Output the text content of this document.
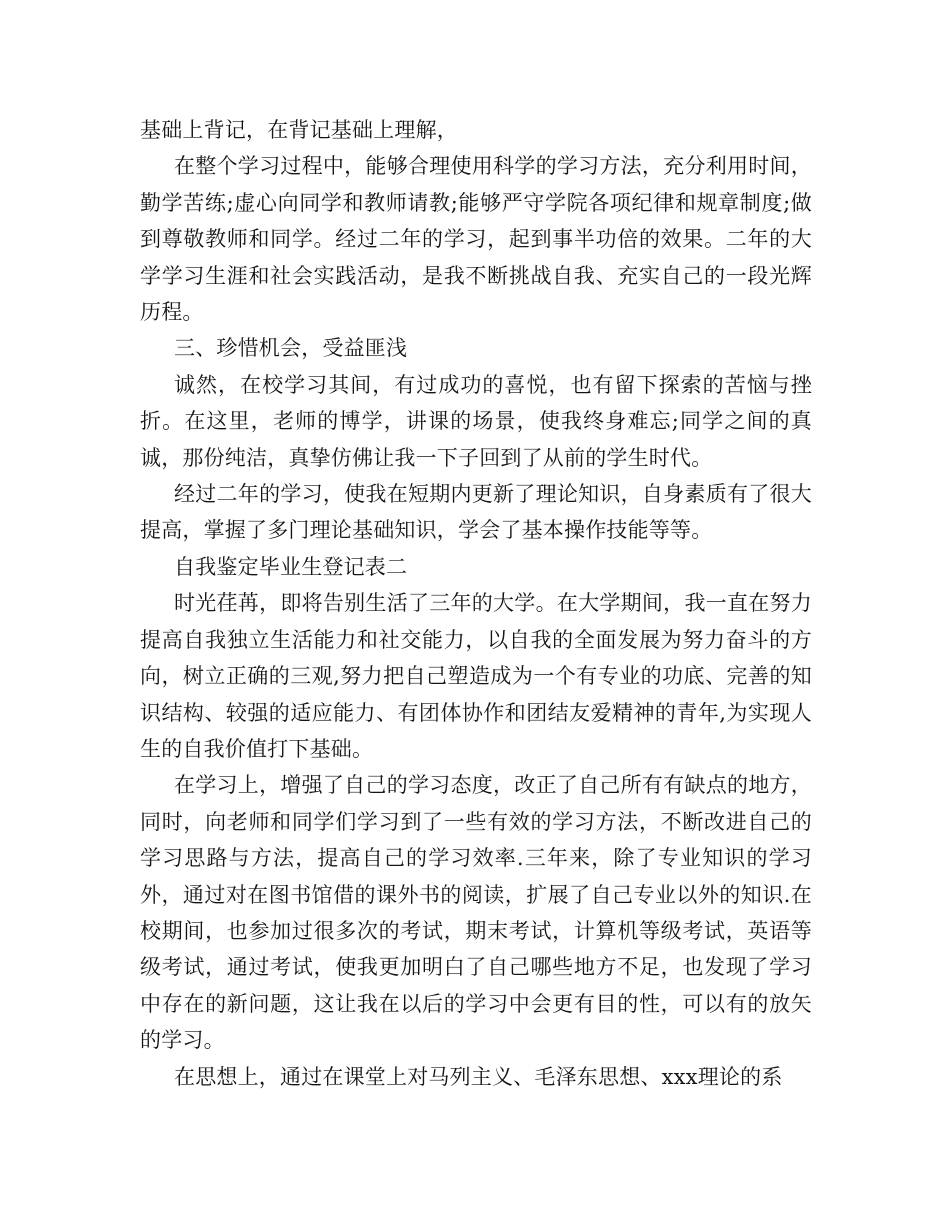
基础上背记，在背记基础上理解，

在整个学习过程中，能够合理使用科学的学习方法，充分利用时间，勤学苦练;虚心向同学和教师请教;能够严守学院各项纪律和规章制度;做到尊敬教师和同学。经过二年的学习，起到事半功倍的效果。二年的大学学习生涯和社会实践活动，是我不断挑战自我、充实自己的一段光辉历程。

三、珍惜机会，受益匪浅

诚然，在校学习其间，有过成功的喜悦，也有留下探索的苦恼与挫折。在这里，老师的博学，讲课的场景，使我终身难忘;同学之间的真诚，那份纯洁，真挚仿佛让我一下子回到了从前的学生时代。

经过二年的学习，使我在短期内更新了理论知识，自身素质有了很大提高，掌握了多门理论基础知识，学会了基本操作技能等等。

自我鉴定毕业生登记表二

时光荏苒，即将告别生活了三年的大学。在大学期间，我一直在努力提高自我独立生活能力和社交能力，以自我的全面发展为努力奋斗的方向，树立正确的三观,努力把自己塑造成为一个有专业的功底、完善的知识结构、较强的适应能力、有团体协作和团结友爱精神的青年,为实现人生的自我价值打下基础。

在学习上，增强了自己的学习态度，改正了自己所有有缺点的地方，同时，向老师和同学们学习到了一些有效的学习方法，不断改进自己的学习思路与方法，提高自己的学习效率.三年来，除了专业知识的学习外，通过对在图书馆借的课外书的阅读，扩展了自己专业以外的知识.在校期间，也参加过很多次的考试，期末考试，计算机等级考试，英语等级考试，通过考试，使我更加明白了自己哪些地方不足，也发现了学习中存在的新问题，这让我在以后的学习中会更有目的性，可以有的放矢的学习。

在思想上，通过在课堂上对马列主义、毛泽东思想、xxx理论的系
